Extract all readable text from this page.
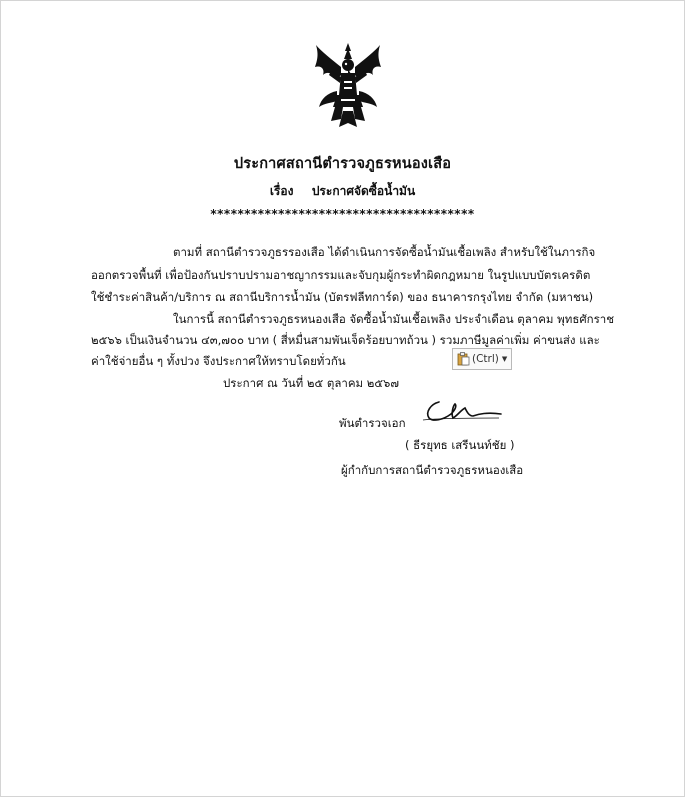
ประกาศสถานีตำรวจภูธรหนองเสือ
เรื่อง ประกาศจัดซื้อน้ำมัน
***************************************
ตามที่ สถานีตำรวจภูธรรองเสือ ได้ดำเนินการจัดซื้อน้ำมันเชื้อเพลิง สำหรับใช้ในภารกิจ
ออกตรวจพื้นที่ เพื่อป้องกันปราบปรามอาชญากรรมและจับกุมผู้กระทำผิดกฎหมาย ในรูปแบบบัตรเครดิต
ใช้ชำระค่าสินค้า/บริการ ณ สถานีบริการน้ำมัน (บัตรฟลีทการ์ด) ของ ธนาคารกรุงไทย จำกัด (มหาชน)
ในการนี้ สถานีตำรวจภูธรหนองเสือ จัดซื้อน้ำมันเชื้อเพลิง ประจำเดือน ตุลาคม พุทธศักราช
๒๕๖๖ เป็นเงินจำนวน ๔๓,๗๐๐ บาท ( สี่หมื่นสามพันเจ็ดร้อยบาทถ้วน ) รวมภาษีมูลค่าเพิ่ม ค่าขนส่ง และ
ค่าใช้จ่ายอื่น ๆ ทั้งปวง จึงประกาศให้ทราบโดยทั่วกัน	(Ctrl) ▼
ประกาศ ณ วันที่ ๒๕ ตุลาคม ๒๕๖๗
พันตำรวจเอก
( ธีรยุทธ เสรีนนท์ชัย )
ผู้กำกับการสถานีตำรวจภูธรหนองเสือ
